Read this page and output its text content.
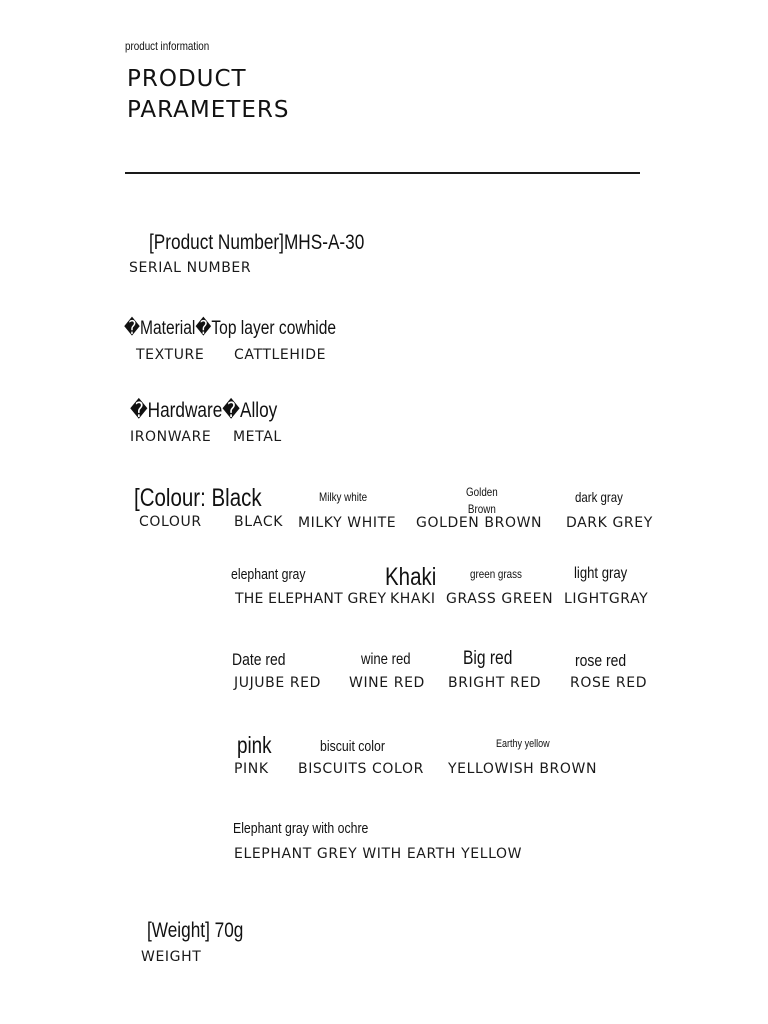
product information
PRODUCT
PARAMETERS
[Product Number]MHS-A-30
SERIAL NUMBER
�Material�Top layer cowhide
TEXTURE CATTLEHIDE
�Hardware�Alloy
IRONWARE METAL
[Colour: Black
COLOUR BLACK
Milky white
MILKY WHITE
Golden
Brown
GOLDEN BROWN
dark gray
DARK GREY
elephant gray
THE ELEPHANT GREY
Khaki
KHAKI
green grass
GRASS GREEN
light gray
LIGHTGRAY
Date red
JUJUBE RED
wine red
WINE RED
Big red
BRIGHT RED
rose red
ROSE RED
pink
PINK
biscuit color
BISCUITS COLOR
Earthy yellow
YELLOWISH BROWN
Elephant gray with ochre
ELEPHANT GREY WITH EARTH YELLOW
[Weight] 70g
WEIGHT
